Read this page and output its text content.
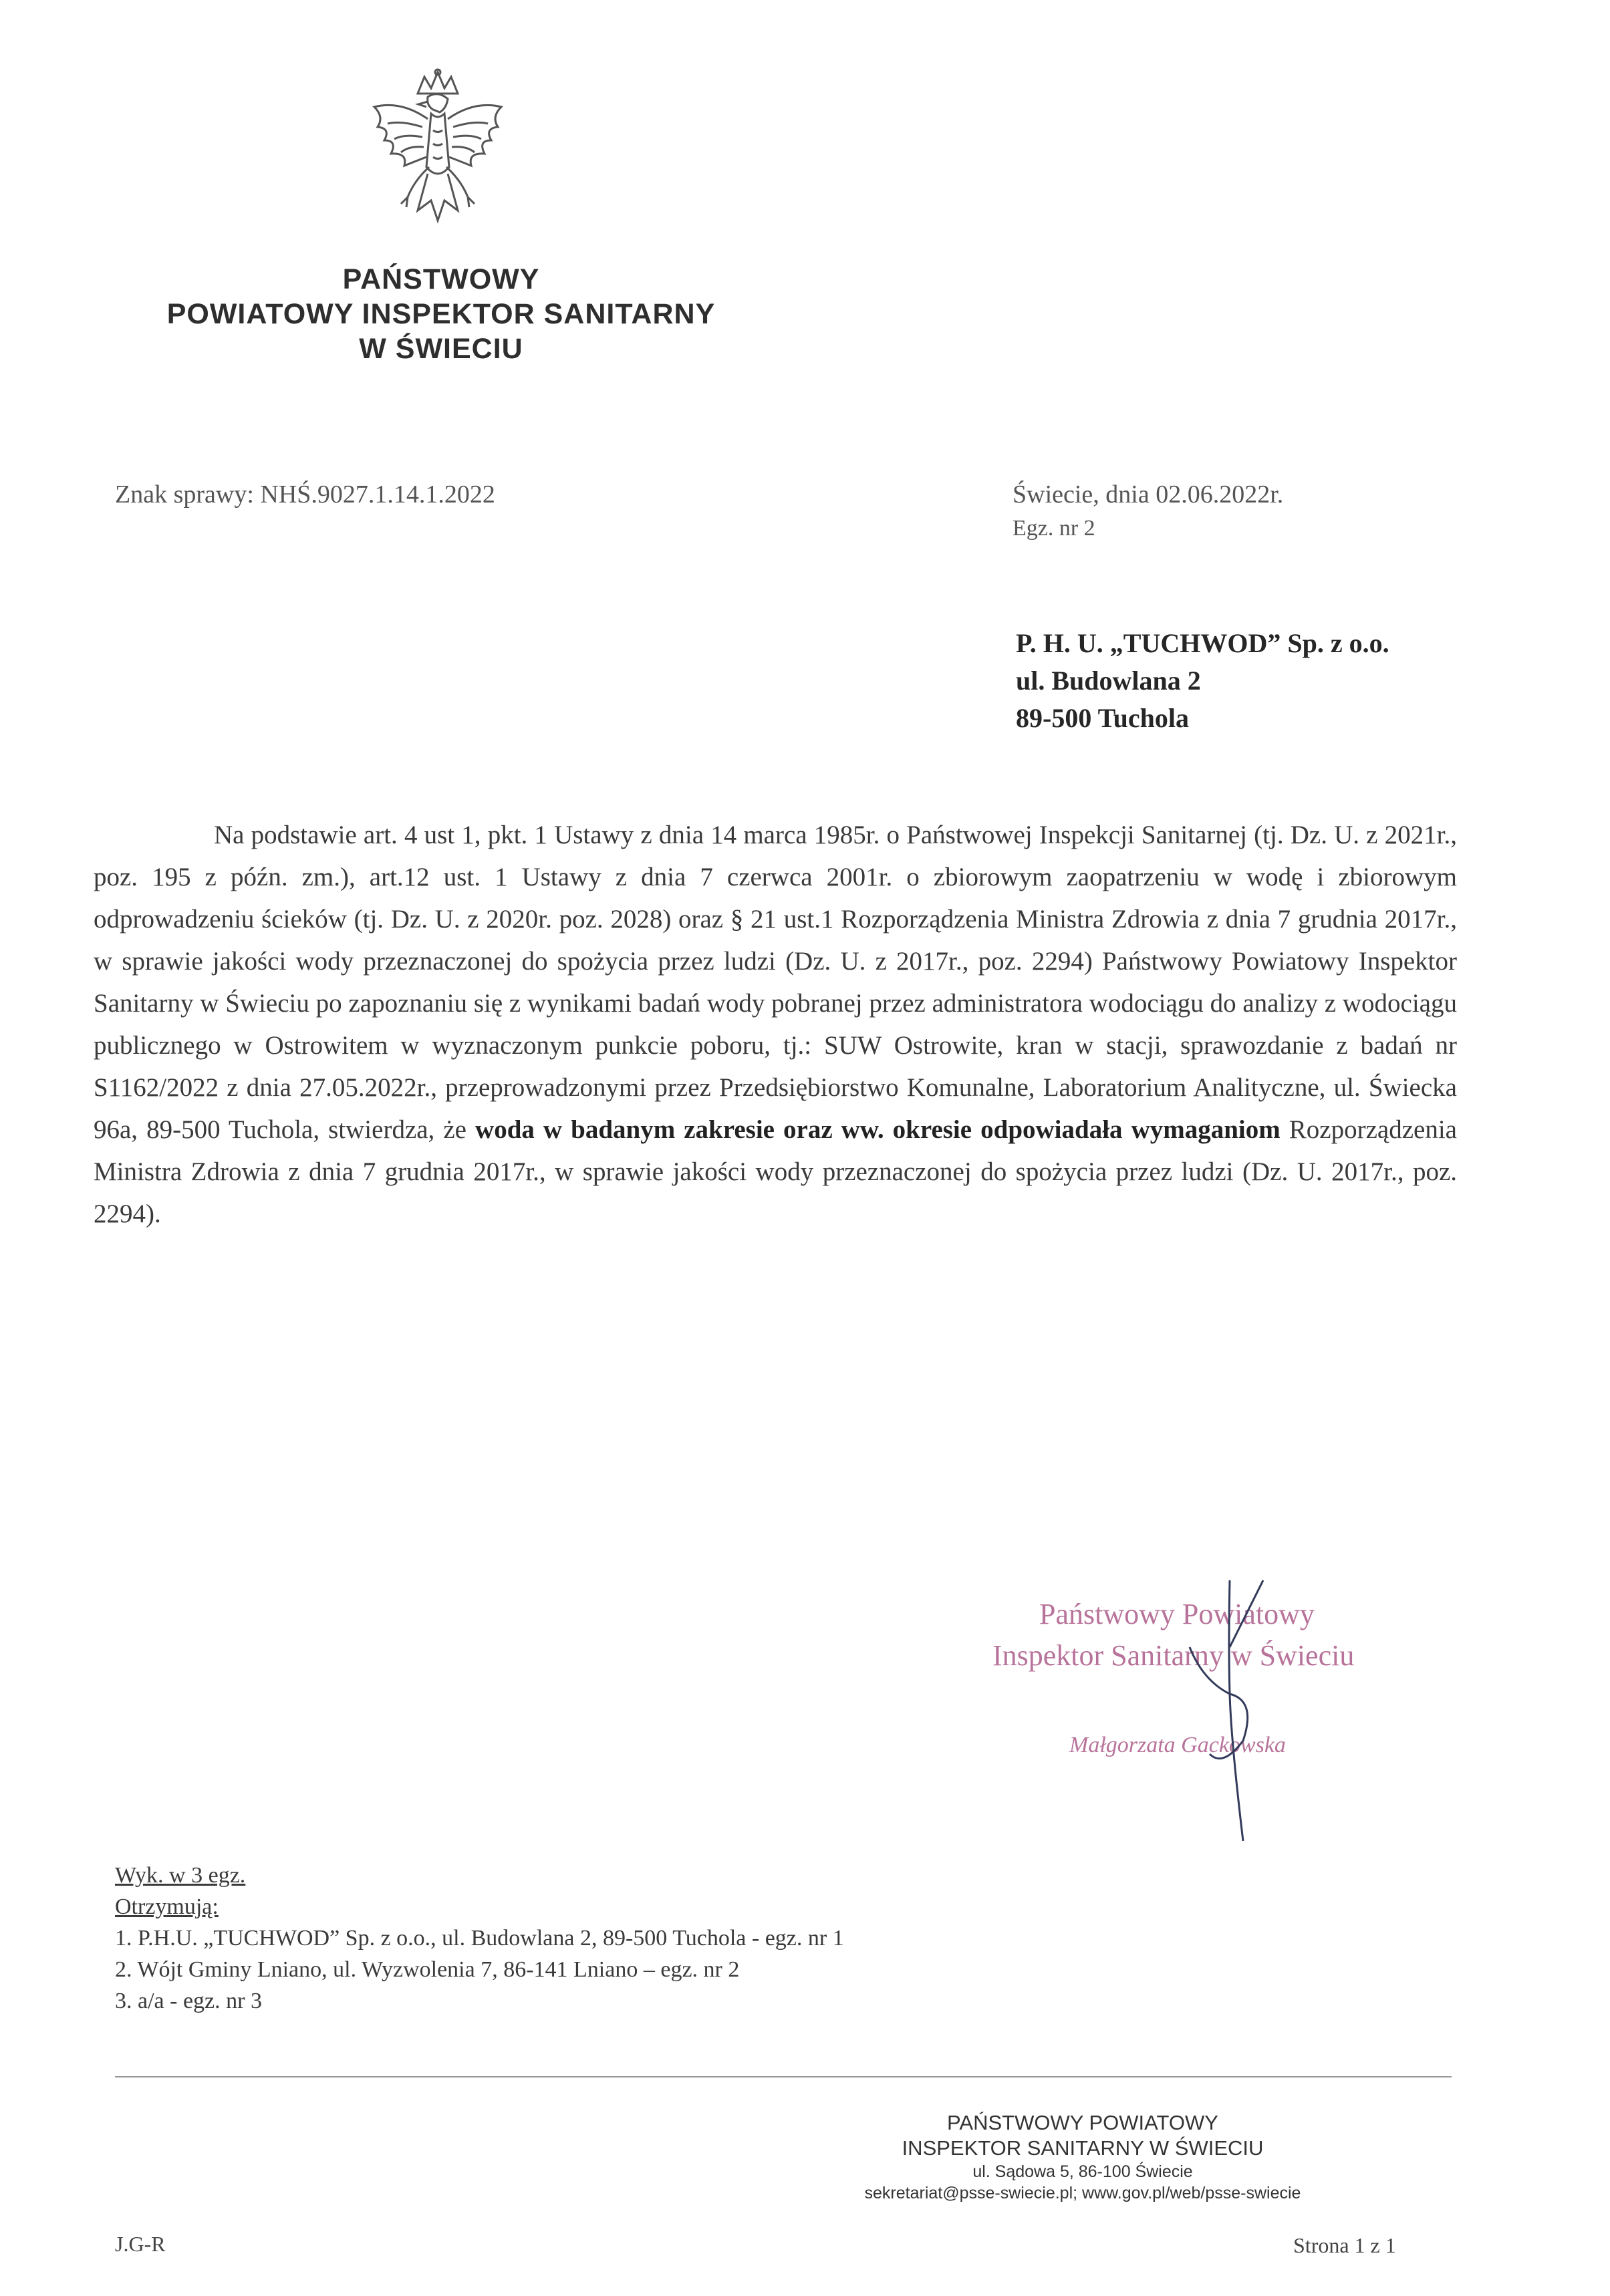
PAŃSTWOWY
POWIATOWY INSPEKTOR SANITARNY
W ŚWIECIU
Znak sprawy: NHŚ.9027.1.14.1.2022	Świecie, dnia 02.06.2022r.
Egz. nr 2
P. H. U. „TUCHWOD” Sp. z o.o.
ul. Budowlana 2
89-500 Tuchola

Na podstawie art. 4 ust 1, pkt. 1 Ustawy z dnia 14 marca 1985r. o Państwowej Inspekcji Sanitarnej (tj. Dz. U. z 2021r., poz. 195 z późn. zm.), art.12 ust. 1 Ustawy z dnia 7 czerwca 2001r. o zbiorowym zaopatrzeniu w wodę i zbiorowym odprowadzeniu ścieków (tj. Dz. U. z 2020r. poz. 2028) oraz § 21 ust.1 Rozporządzenia Ministra Zdrowia z dnia 7 grudnia 2017r., w sprawie jakości wody przeznaczonej do spożycia przez ludzi (Dz. U. z 2017r., poz. 2294) Państwowy Powiatowy Inspektor Sanitarny w Świeciu po zapoznaniu się z wynikami badań wody pobranej przez administratora wodociągu do analizy z wodociągu publicznego w Ostrowitem w wyznaczonym punkcie poboru, tj.: SUW Ostrowite, kran w stacji, sprawozdanie z badań nr S1162/2022 z dnia 27.05.2022r., przeprowadzonymi przez Przedsiębiorstwo Komunalne, Laboratorium Analityczne, ul. Świecka 96a, 89-500 Tuchola, stwierdza, że woda w badanym zakresie oraz ww. okresie odpowiadała wymaganiom Rozporządzenia Ministra Zdrowia z dnia 7 grudnia 2017r., w sprawie jakości wody przeznaczonej do spożycia przez ludzi (Dz. U. 2017r., poz. 2294).

Państwowy Powiatowy
Inspektor Sanitarny w Świeciu
Małgorzata Gackowska
Wyk. w 3 egz.
Otrzymują:
1. P.H.U. „TUCHWOD” Sp. z o.o., ul. Budowlana 2, 89-500 Tuchola - egz. nr 1
2. Wójt Gminy Lniano, ul. Wyzwolenia 7, 86-141 Lniano – egz. nr 2
3. a/a - egz. nr 3
PAŃSTWOWY POWIATOWY
INSPEKTOR SANITARNY W ŚWIECIU
ul. Sądowa 5, 86-100 Świecie
sekretariat@psse-swiecie.pl; www.gov.pl/web/psse-swiecie
J.G-R	Strona 1 z 1
